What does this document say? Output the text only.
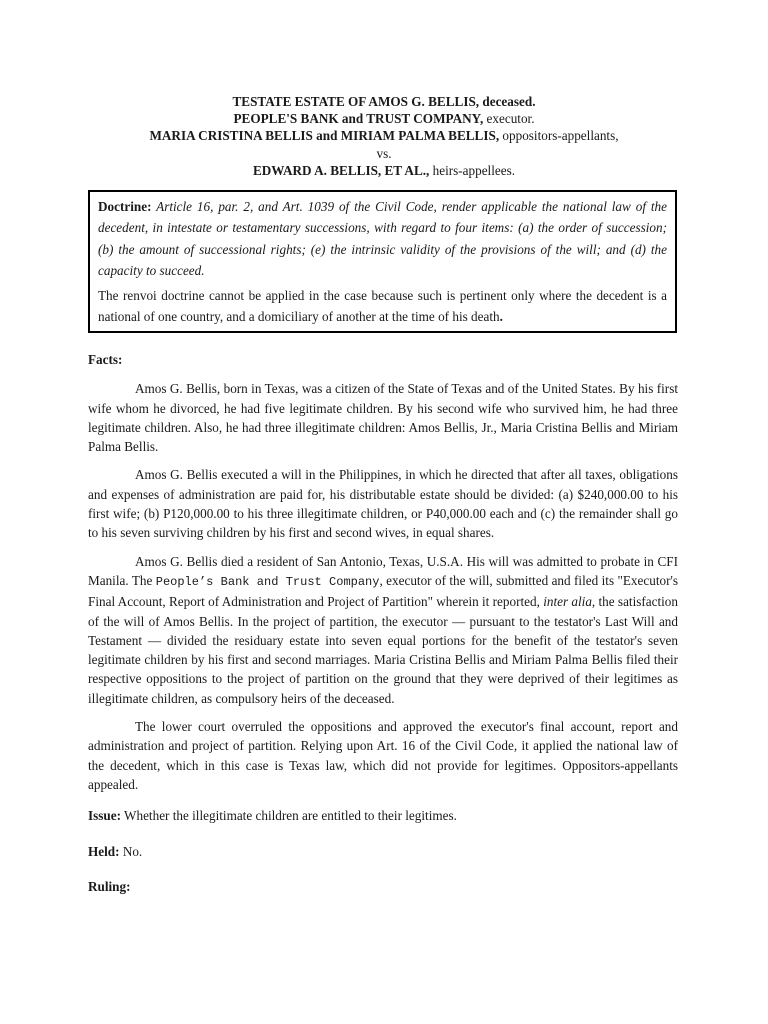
TESTATE ESTATE OF AMOS G. BELLIS, deceased.
PEOPLE'S BANK and TRUST COMPANY, executor.
MARIA CRISTINA BELLIS and MIRIAM PALMA BELLIS, oppositors-appellants,
vs.
EDWARD A. BELLIS, ET AL., heirs-appellees.

Doctrine: Article 16, par. 2, and Art. 1039 of the Civil Code, render applicable the national law of the decedent, in intestate or testamentary successions, with regard to four items: (a) the order of succession; (b) the amount of successional rights; (e) the intrinsic validity of the provisions of the will; and (d) the capacity to succeed.

The renvoi doctrine cannot be applied in the case because such is pertinent only where the decedent is a national of one country, and a domiciliary of another at the time of his death.

Facts:

Amos G. Bellis, born in Texas, was a citizen of the State of Texas and of the United States. By his first wife whom he divorced, he had five legitimate children. By his second wife who survived him, he had three legitimate children. Also, he had three illegitimate children: Amos Bellis, Jr., Maria Cristina Bellis and Miriam Palma Bellis.

Amos G. Bellis executed a will in the Philippines, in which he directed that after all taxes, obligations and expenses of administration are paid for, his distributable estate should be divided: (a) $240,000.00 to his first wife; (b) P120,000.00 to his three illegitimate children, or P40,000.00 each and (c) the remainder shall go to his seven surviving children by his first and second wives, in equal shares.

Amos G. Bellis died a resident of San Antonio, Texas, U.S.A. His will was admitted to probate in CFI Manila. The People’s Bank and Trust Company, executor of the will, submitted and filed its "Executor's Final Account, Report of Administration and Project of Partition" wherein it reported, inter alia, the satisfaction of the will of Amos Bellis. In the project of partition, the executor — pursuant to the testator's Last Will and Testament — divided the residuary estate into seven equal portions for the benefit of the testator's seven legitimate children by his first and second marriages. Maria Cristina Bellis and Miriam Palma Bellis filed their respective oppositions to the project of partition on the ground that they were deprived of their legitimes as illegitimate children, as compulsory heirs of the deceased.

The lower court overruled the oppositions and approved the executor's final account, report and administration and project of partition. Relying upon Art. 16 of the Civil Code, it applied the national law of the decedent, which in this case is Texas law, which did not provide for legitimes. Oppositors-appellants appealed.

Issue: Whether the illegitimate children are entitled to their legitimes.

Held: No.

Ruling:
